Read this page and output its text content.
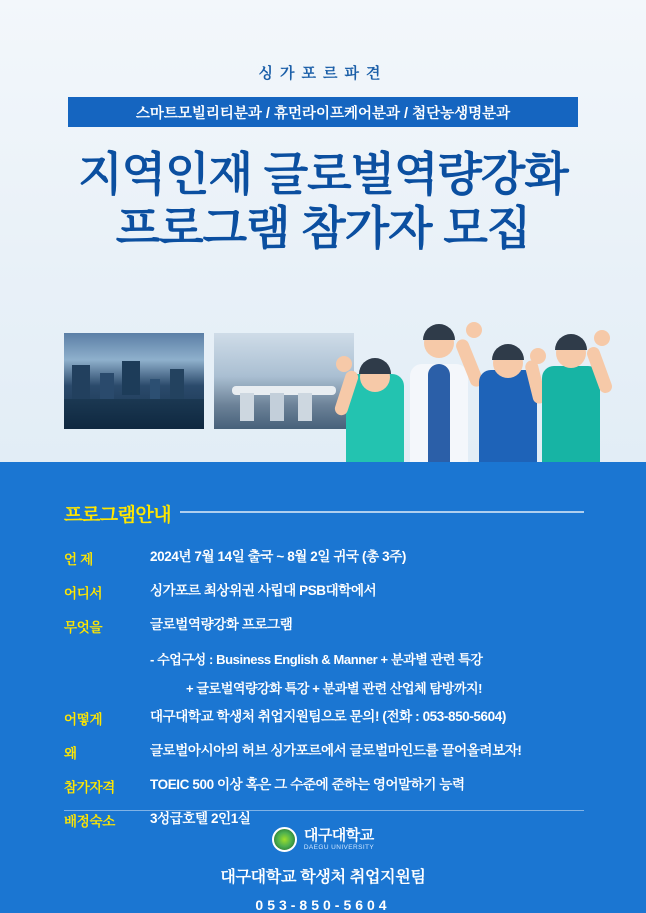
싱가포르파견
스마트모빌리티분과 / 휴먼라이프케어분과 / 첨단농생명분과
지역인재 글로벌역량강화
프로그램 참가자 모집
프로그램안내
언 제	2024년 7월 14일 출국 ~ 8월 2일 귀국 (총 3주)
어디서	싱가포르 최상위권 사립대 PSB대학에서
무엇을	글로벌역량강화 프로그램
- 수업구성 : Business English & Manner + 분과별 관련 특강
+ 글로벌역량강화 특강 + 분과별 관련 산업체 탐방까지!
어떻게	대구대학교 학생처 취업지원팀으로 문의! (전화 : 053-850-5604)
왜	글로벌아시아의 허브 싱가포르에서 글로벌마인드를 끌어올려보자!
참가자격	TOEIC 500 이상 혹은 그 수준에 준하는 영어말하기 능력
배정숙소	3성급호텔 2인1실
대구대학교
DAEGU UNIVERSITY
대구대학교 학생처 취업지원팀
053-850-5604
